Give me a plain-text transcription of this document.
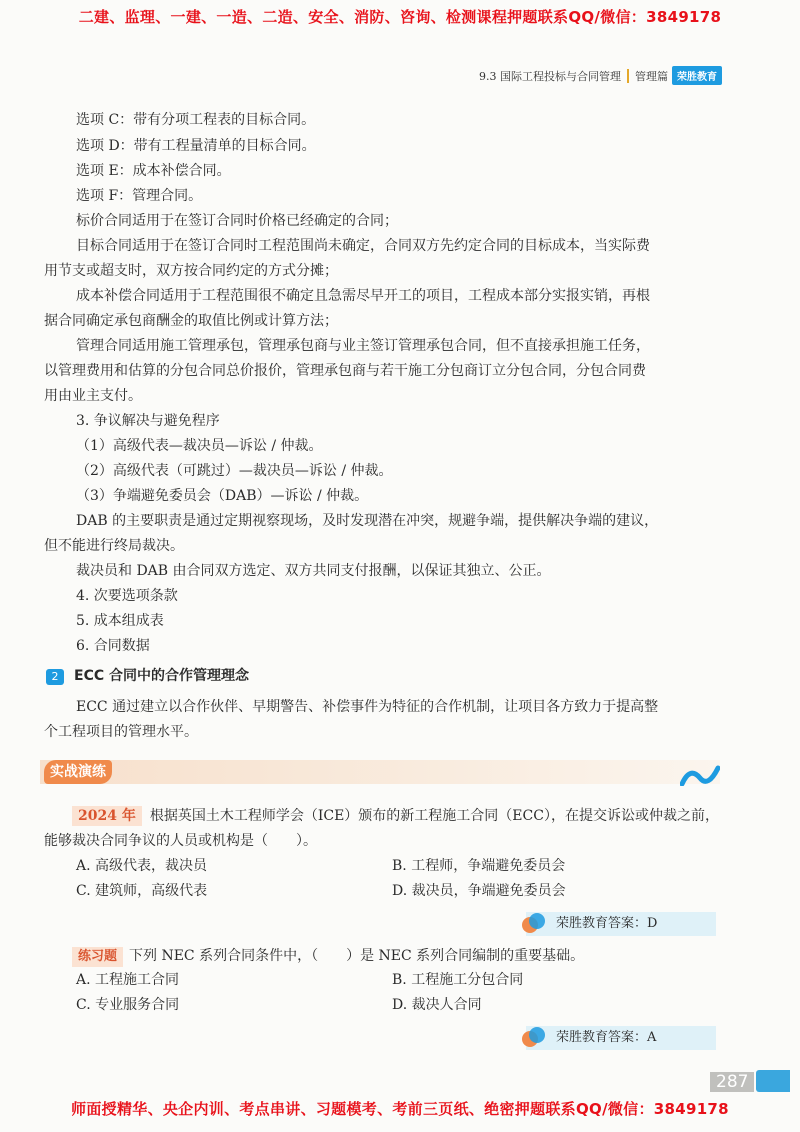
二建、监理、一建、一造、二造、安全、消防、咨询、检测课程押题联系QQ/微信：3849178
9.3 国际工程投标与合同管理 管理篇 荣胜教育
选项 C：带有分项工程表的目标合同。
选项 D：带有工程量清单的目标合同。
选项 E：成本补偿合同。
选项 F：管理合同。
标价合同适用于在签订合同时价格已经确定的合同；
目标合同适用于在签订合同时工程范围尚未确定，合同双方先约定合同的目标成本，当实际费
用节支或超支时，双方按合同约定的方式分摊；
成本补偿合同适用于工程范围很不确定且急需尽早开工的项目，工程成本部分实报实销，再根
据合同确定承包商酬金的取值比例或计算方法；
管理合同适用施工管理承包，管理承包商与业主签订管理承包合同，但不直接承担施工任务，
以管理费用和估算的分包合同总价报价，管理承包商与若干施工分包商订立分包合同，分包合同费
用由业主支付。
3. 争议解决与避免程序
（1）高级代表—裁决员—诉讼 / 仲裁。
（2）高级代表（可跳过）—裁决员—诉讼 / 仲裁。
（3）争端避免委员会（DAB）—诉讼 / 仲裁。
DAB 的主要职责是通过定期视察现场，及时发现潜在冲突，规避争端，提供解决争端的建议，
但不能进行终局裁决。
裁决员和 DAB 由合同双方选定、双方共同支付报酬，以保证其独立、公正。
4. 次要选项条款
5. 成本组成表
6. 合同数据
2 ECC 合同中的合作管理理念
ECC 通过建立以合作伙伴、早期警告、补偿事件为特征的合作机制，让项目各方致力于提高整
个工程项目的管理水平。
实战演练
2024 年 根据英国土木工程师学会（ICE）颁布的新工程施工合同（ECC），在提交诉讼或仲裁之前，
能够裁决合同争议的人员或机构是（　　）。
A. 高级代表，裁决员	B. 工程师，争端避免委员会
C. 建筑师，高级代表	D. 裁决员，争端避免委员会
荣胜教育答案：D
练习题 下列 NEC 系列合同条件中，（　　）是 NEC 系列合同编制的重要基础。
A. 工程施工合同	B. 工程施工分包合同
C. 专业服务合同	D. 裁决人合同
荣胜教育答案：A
287
师面授精华、央企内训、考点串讲、习题模考、考前三页纸、绝密押题联系QQ/微信：3849178
